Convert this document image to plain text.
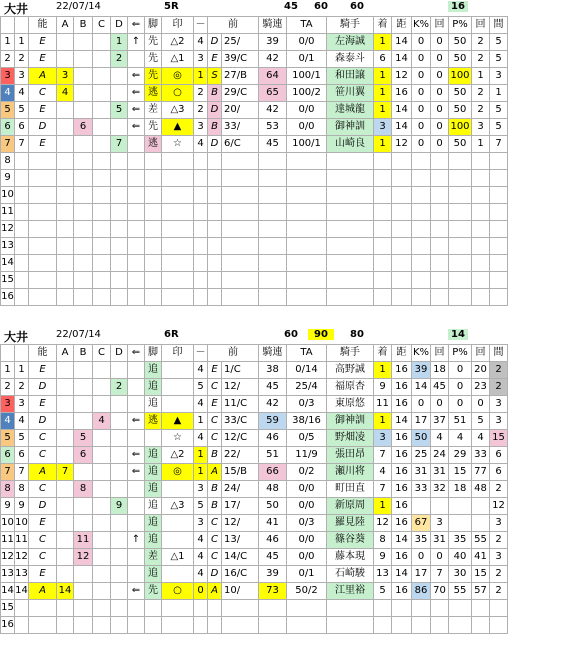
大井	22/07/14	5R	45	60	60	16
		能	A	B	C	D	⇐	脚	印	－	前		騎連	TA	騎手	着	距	K%	回	P%	回	間
1	1	E				1	↑	先	△2	4	D	25/	39	0/0	左海誠	1	14	0	0	50	2	5
2	2	E				2		先	△1	3	E	39/C	42	0/1	森泰斗	6	14	0	0	50	2	5
3	3	A	3				⇐	先	◎	1	S	27/B	64	100/1	和田譲	1	12	0	0	100	1	3
4	4	C	4				⇐	逃	○	2	B	29/C	65	100/2	笹川翼	1	16	0	0	50	2	1
5	5	E				5	⇐	差	△3	2	D	20/	42	0/0	達城龍	1	14	0	0	50	2	5
6	6	D		6			⇐	先	▲	3	B	33/	53	0/0	御神訓	3	14	0	0	100	3	5
7	7	E				7		逃	☆	4	D	6/C	45	100/1	山崎良	1	12	0	0	50	1	7
8																						
9																						
10																						
11																						
12																						
13																						
14																						
15																						
16																						
大井	22/07/14	6R	60	90	80	14
		能	A	B	C	D	⇐	脚	印	－	前		騎連	TA	騎手	着	距	K%	回	P%	回	間
1	1	E						追		4	E	1/C	38	0/14	高野誠	1	16	39	18	0	20	2
2	2	D				2		追		5	C	12/	45	25/4	福原杏	9	16	14	45	0	23	2
3	3	E						追		4	E	11/C	42	0/3	東原悠	11	16	0	0	0	0	3
4	4	D			4		⇐	逃	▲	1	C	33/C	59	38/16	御神訓	1	14	17	37	51	5	3
5	5	C		5					☆	4	C	12/C	46	0/5	野畑凌	3	16	50	4	4	4	15
6	6	C		6			⇐	追	△2	1	B	22/	51	11/9	張田昂	7	16	25	24	29	33	6
7	7	A	7				⇐	追	◎	1	A	15/B	66	0/2	瀬川将	4	16	31	31	15	77	6
8	8	C		8				追		3	B	24/	48	0/0	町田直	7	16	33	32	18	48	2
9	9	D				9		追	△3	5	B	17/	50	0/0	新原周	1	16					12
10	10	E						追		3	C	12/	41	0/3	羅見陸	12	16	67	3			3
11	11	C		11			↑	追		4	C	13/	46	0/0	篠谷葵	8	14	35	31	35	55	2
12	12	C		12				差	△1	4	C	14/C	45	0/0	藤本現	9	16	0	0	40	41	3
13	13	E						追		4	D	16/C	39	0/1	石崎駿	13	14	17	7	30	15	2
14	14	A	14				⇐	先	○	0	A	10/	73	50/2	江里裕	5	16	86	70	55	57	2
15																						
16																						
